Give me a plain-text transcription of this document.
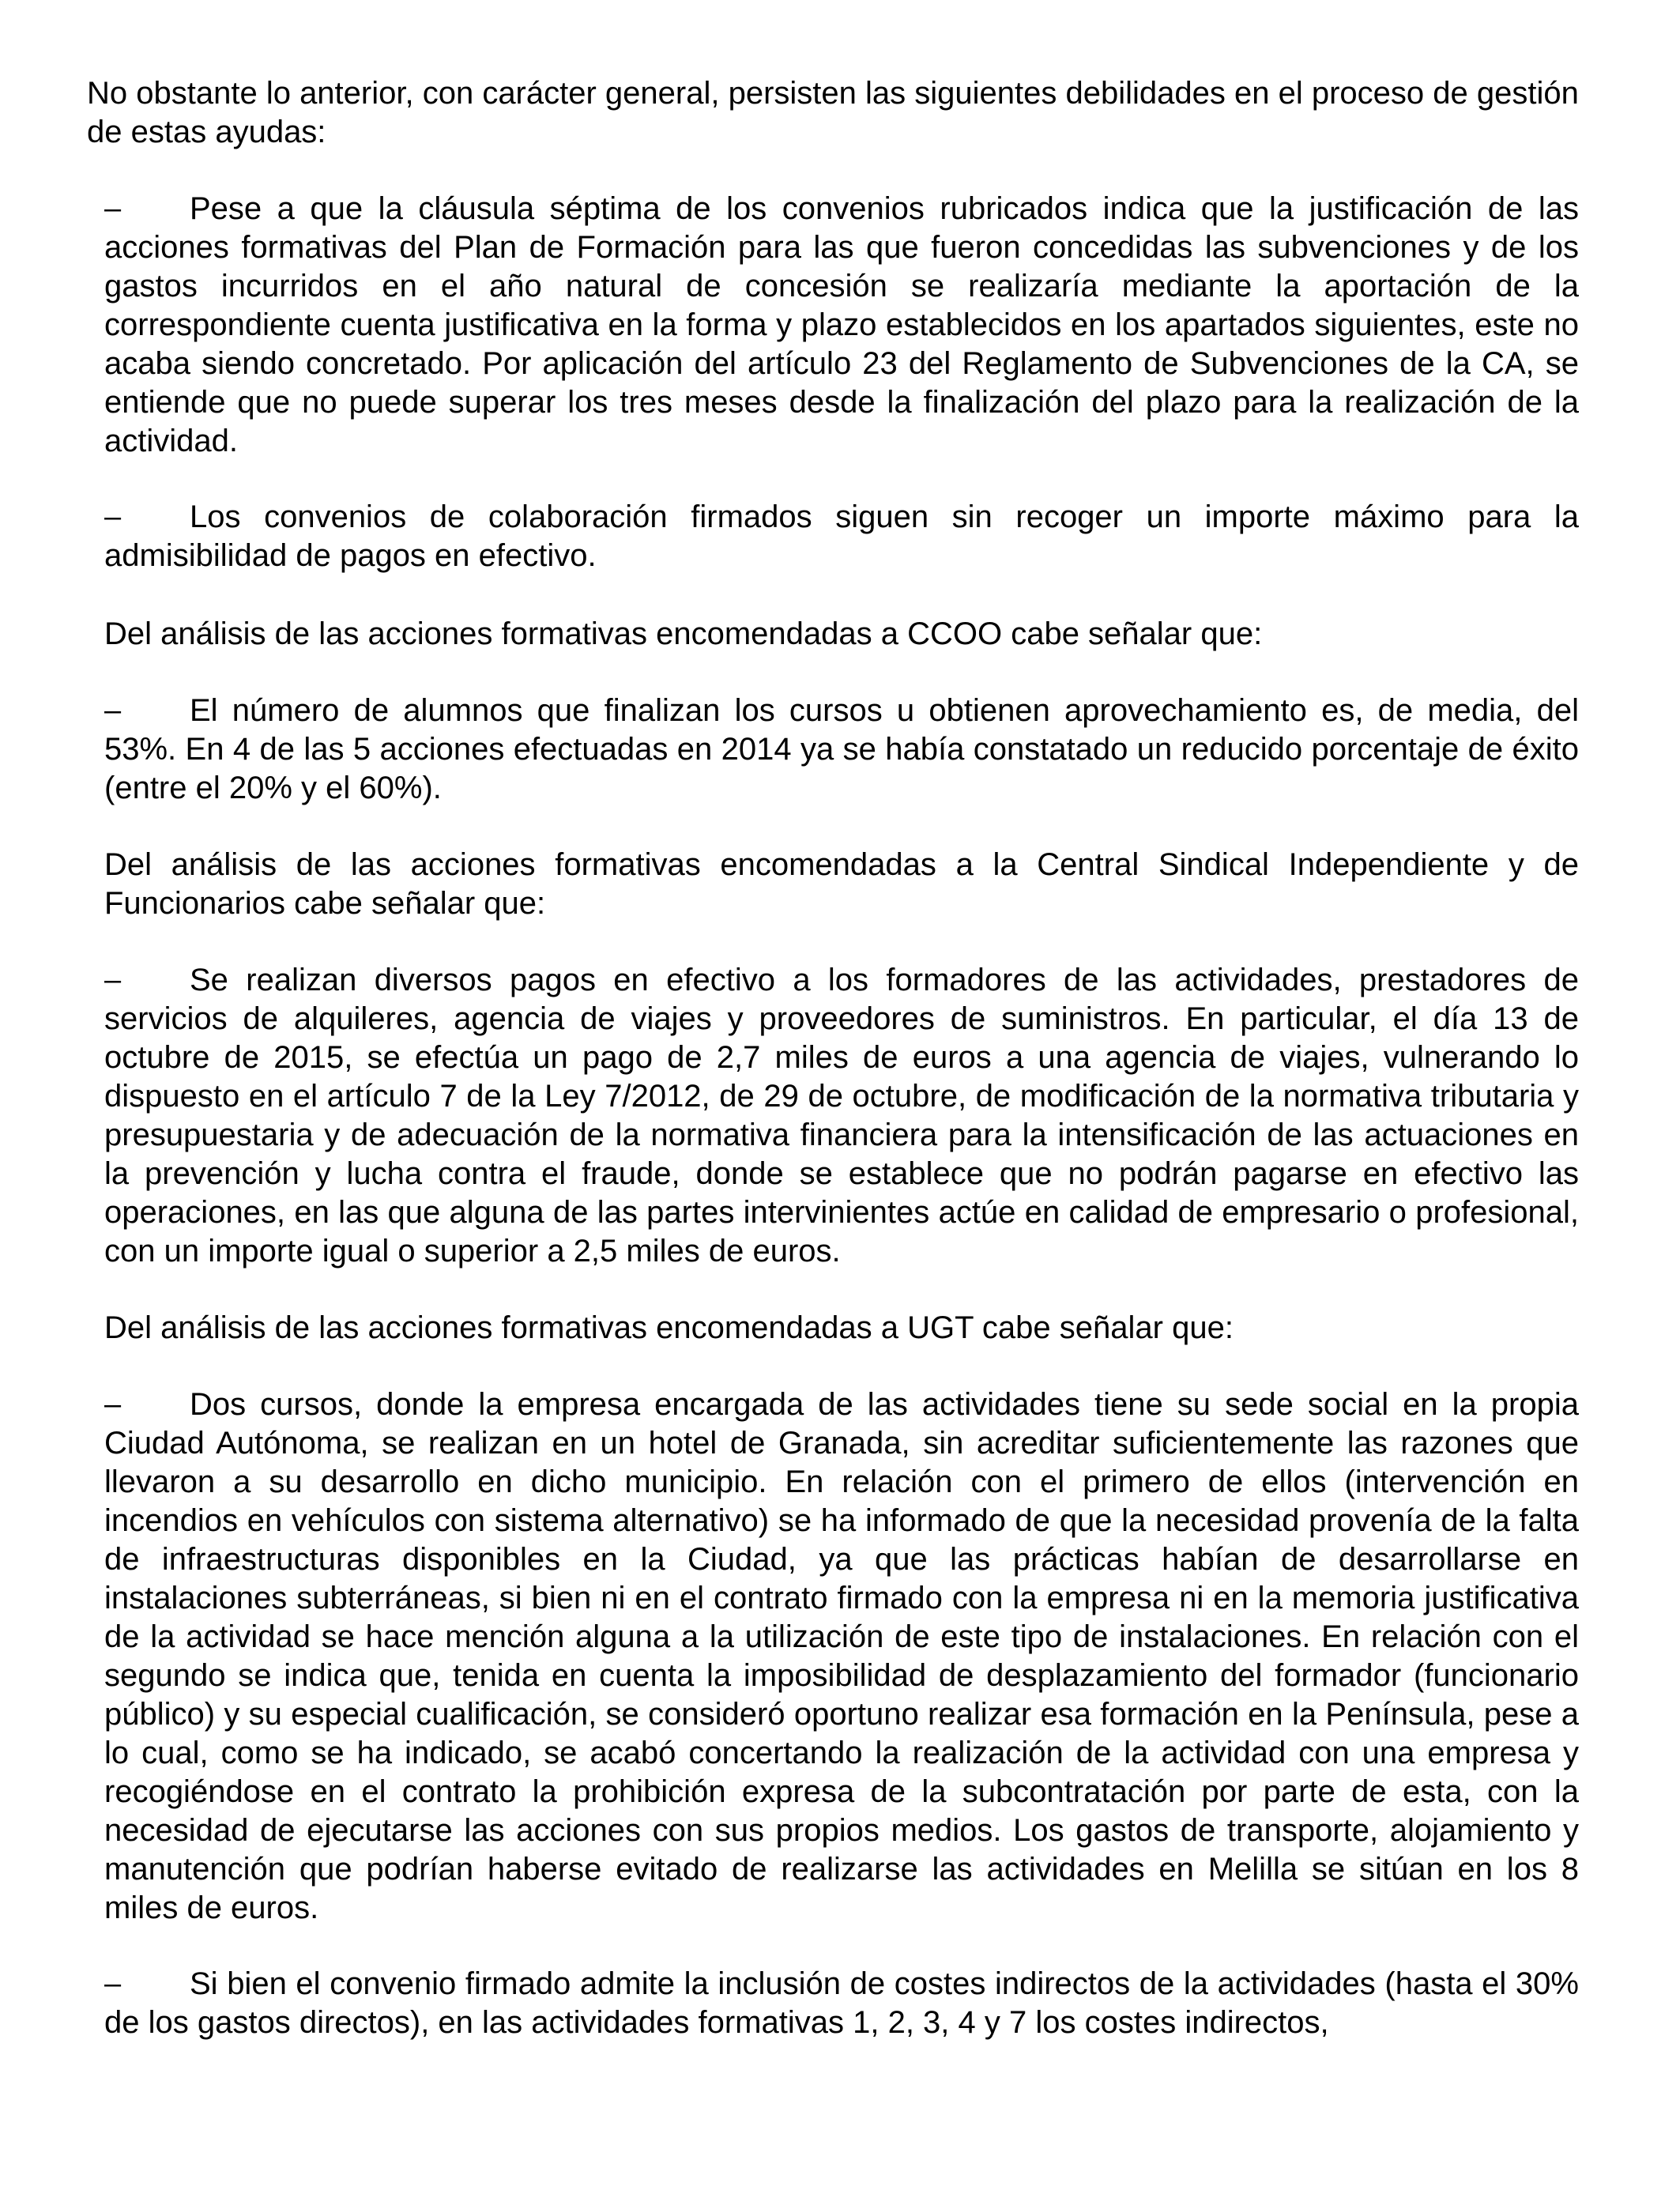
No obstante lo anterior, con carácter general, persisten las siguientes debilidades en el proceso de gestión de estas ayudas:

– Pese a que la cláusula séptima de los convenios rubricados indica que la justificación de las acciones formativas del Plan de Formación para las que fueron concedidas las subvenciones y de los gastos incurridos en el año natural de concesión se realizaría mediante la aportación de la correspondiente cuenta justificativa en la forma y plazo establecidos en los apartados siguientes, este no acaba siendo concretado. Por aplicación del artículo 23 del Reglamento de Subvenciones de la CA, se entiende que no puede superar los tres meses desde la finalización del plazo para la realización de la actividad.

– Los convenios de colaboración firmados siguen sin recoger un importe máximo para la admisibilidad de pagos en efectivo.

Del análisis de las acciones formativas encomendadas a CCOO cabe señalar que:

– El número de alumnos que finalizan los cursos u obtienen aprovechamiento es, de media, del 53%. En 4 de las 5 acciones efectuadas en 2014 ya se había constatado un reducido porcentaje de éxito (entre el 20% y el 60%).

Del análisis de las acciones formativas encomendadas a la Central Sindical Independiente y de Funcionarios cabe señalar que:

– Se realizan diversos pagos en efectivo a los formadores de las actividades, prestadores de servicios de alquileres, agencia de viajes y proveedores de suministros. En particular, el día 13 de octubre de 2015, se efectúa un pago de 2,7 miles de euros a una agencia de viajes, vulnerando lo dispuesto en el artículo 7 de la Ley 7/2012, de 29 de octubre, de modificación de la normativa tributaria y presupuestaria y de adecuación de la normativa financiera para la intensificación de las actuaciones en la prevención y lucha contra el fraude, donde se establece que no podrán pagarse en efectivo las operaciones, en las que alguna de las partes intervinientes actúe en calidad de empresario o profesional, con un importe igual o superior a 2,5 miles de euros.

Del análisis de las acciones formativas encomendadas a UGT cabe señalar que:

– Dos cursos, donde la empresa encargada de las actividades tiene su sede social en la propia Ciudad Autónoma, se realizan en un hotel de Granada, sin acreditar suficientemente las razones que llevaron a su desarrollo en dicho municipio. En relación con el primero de ellos (intervención en incendios en vehículos con sistema alternativo) se ha informado de que la necesidad provenía de la falta de infraestructuras disponibles en la Ciudad, ya que las prácticas habían de desarrollarse en instalaciones subterráneas, si bien ni en el contrato firmado con la empresa ni en la memoria justificativa de la actividad se hace mención alguna a la utilización de este tipo de instalaciones. En relación con el segundo se indica que, tenida en cuenta la imposibilidad de desplazamiento del formador (funcionario público) y su especial cualificación, se consideró oportuno realizar esa formación en la Península, pese a lo cual, como se ha indicado, se acabó concertando la realización de la actividad con una empresa y recogiéndose en el contrato la prohibición expresa de la subcontratación por parte de esta, con la necesidad de ejecutarse las acciones con sus propios medios. Los gastos de transporte, alojamiento y manutención que podrían haberse evitado de realizarse las actividades en Melilla se sitúan en los 8 miles de euros.

– Si bien el convenio firmado admite la inclusión de costes indirectos de la actividades (hasta el 30% de los gastos directos), en las actividades formativas 1, 2, 3, 4 y 7 los costes indirectos,
